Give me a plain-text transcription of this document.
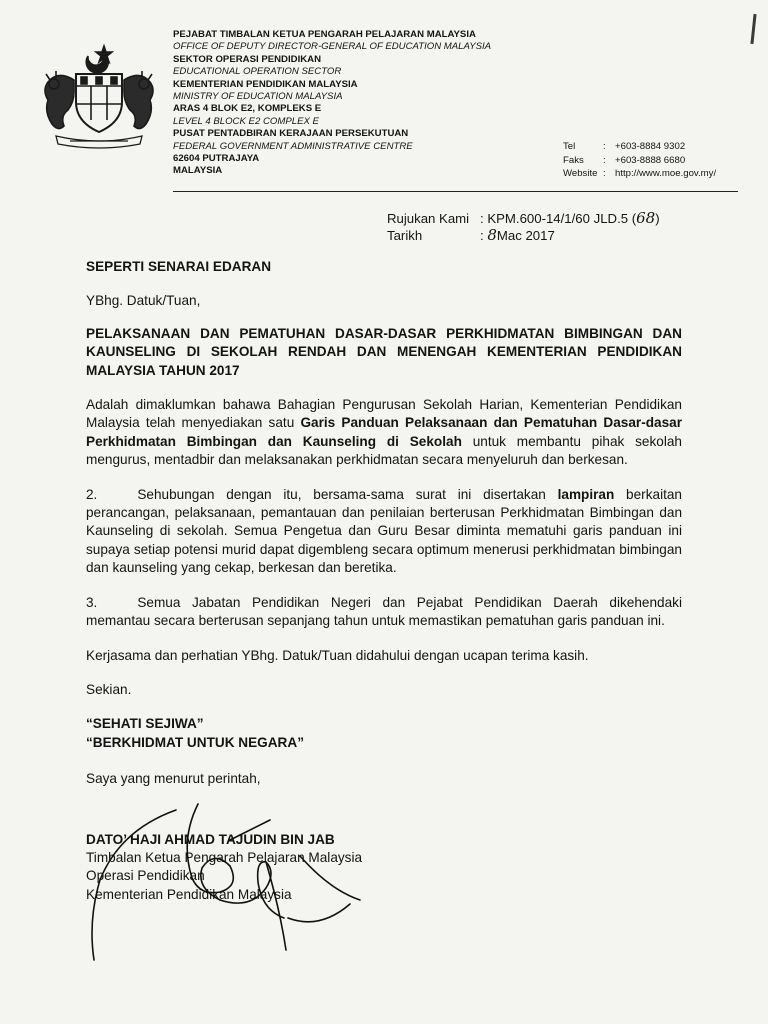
PEJABAT TIMBALAN KETUA PENGARAH PELAJARAN MALAYSIA
OFFICE OF DEPUTY DIRECTOR-GENERAL OF EDUCATION MALAYSIA
SEKTOR OPERASI PENDIDIKAN
EDUCATIONAL OPERATION SECTOR
KEMENTERIAN PENDIDIKAN MALAYSIA
MINISTRY OF EDUCATION MALAYSIA
ARAS 4 BLOK E2, KOMPLEKS E
LEVEL 4 BLOCK E2 COMPLEX E
PUSAT PENTADBIRAN KERAJAAN PERSEKUTUAN
FEDERAL GOVERNMENT ADMINISTRATIVE CENTRE
62604 PUTRAJAYA
MALAYSIA
Tel	: +603-8884 9302
Faks	: +603-8888 6680
Website : http://www.moe.gov.my/
Rujukan Kami : KPM.600-14/1/60 JLD.5 ( 68 )
Tarikh	: 8 Mac 2017

SEPERTI SENARAI EDARAN

YBhg. Datuk/Tuan,

PELAKSANAAN DAN PEMATUHAN DASAR-DASAR PERKHIDMATAN BIMBINGAN DAN KAUNSELING DI SEKOLAH RENDAH DAN MENENGAH KEMENTERIAN PENDIDIKAN MALAYSIA TAHUN 2017

Adalah dimaklumkan bahawa Bahagian Pengurusan Sekolah Harian, Kementerian Pendidikan Malaysia telah menyediakan satu Garis Panduan Pelaksanaan dan Pematuhan Dasar-dasar Perkhidmatan Bimbingan dan Kaunseling di Sekolah untuk membantu pihak sekolah mengurus, mentadbir dan melaksanakan perkhidmatan secara menyeluruh dan berkesan.

2.	Sehubungan dengan itu, bersama-sama surat ini disertakan lampiran berkaitan perancangan, pelaksanaan, pemantauan dan penilaian berterusan Perkhidmatan Bimbingan dan Kaunseling di sekolah. Semua Pengetua dan Guru Besar diminta mematuhi garis panduan ini supaya setiap potensi murid dapat digembleng secara optimum menerusi perkhidmatan bimbingan dan kaunseling yang cekap, berkesan dan beretika.

3.	Semua Jabatan Pendidikan Negeri dan Pejabat Pendidikan Daerah dikehendaki memantau secara berterusan sepanjang tahun untuk memastikan pematuhan garis panduan ini.

Kerjasama dan perhatian YBhg. Datuk/Tuan didahului dengan ucapan terima kasih.

Sekian.

“SEHATI SEJIWA”

“BERKHIDMAT UNTUK NEGARA”

Saya yang menurut perintah,

DATO’ HAJI AHMAD TAJUDIN BIN JAB

Timbalan Ketua Pengarah Pelajaran Malaysia

Operasi Pendidikan

Kementerian Pendidikan Malaysia
